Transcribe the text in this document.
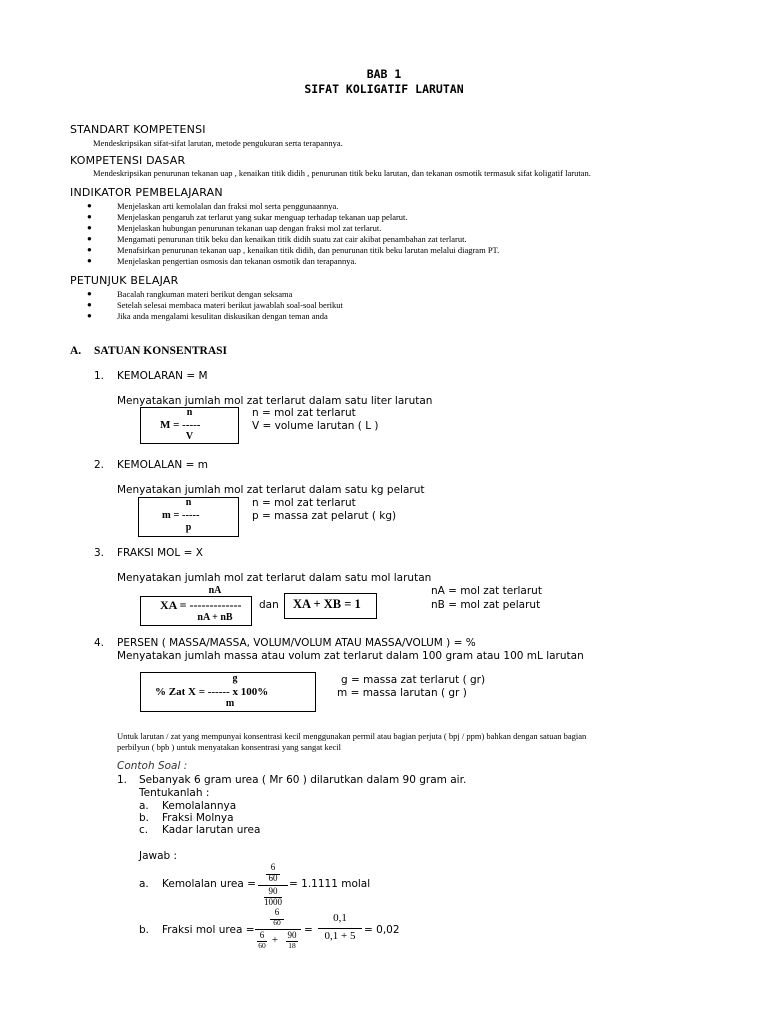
BAB 1
SIFAT KOLIGATIF LARUTAN
STANDART KOMPETENSI
Mendeskripsikan sifat-sifat larutan, metode pengukuran serta terapannya.
KOMPETENSI DASAR
Mendeskripsikan penurunan tekanan uap , kenaikan titik didih , penurunan titik beku larutan, dan tekanan osmotik termasuk sifat koligatif larutan.
INDIKATOR PEMBELAJARAN
●	Menjelaskan arti kemolalan dan fraksi mol serta penggunaannya.
●	Menjelaskan pengaruh zat terlarut yang sukar menguap terhadap tekanan uap pelarut.
●	Menjelaskan hubungan penurunan tekanan uap dengan fraksi mol zat terlarut.
●	Mengamati penurunan titik beku dan kenaikan titik didih suatu zat cair akibat penambahan zat terlarut.
●	Menafsirkan penurunan tekanan uap , kenaikan titik didih, dan penurunan titik beku larutan melalui diagram PT.
●	Menjelaskan pengertian osmosis dan tekanan osmotik dan terapannya.
PETUNJUK BELAJAR
●	Bacalah rangkuman materi berikut dengan seksama
●	Setelah selesai membaca materi berikut jawablah soal-soal berikut
●	Jika anda mengalami kesulitan diskusikan dengan teman anda
A. SATUAN KONSENTRASI
1. KEMOLARAN = M
Menyatakan jumlah mol zat terlarut dalam satu liter larutan
n
M = -----
V
n = mol zat terlarut
V = volume larutan ( L )
2. KEMOLALAN = m
Menyatakan jumlah mol zat terlarut dalam satu kg pelarut
n
m = -----
p
n = mol zat terlarut
p = massa zat pelarut ( kg)
3. FRAKSI MOL = X
Menyatakan jumlah mol zat terlarut dalam satu mol larutan
nA
XA = -------------
nA + nB
dan XA + XB = 1
nA = mol zat terlarut
nB = mol zat pelarut
4. PERSEN ( MASSA/MASSA, VOLUM/VOLUM ATAU MASSA/VOLUM ) = %
Menyatakan jumlah massa atau volum zat terlarut dalam 100 gram atau 100 mL larutan
g
% Zat X = ------ x 100%
m
g = massa zat terlarut ( gr)
m = massa larutan ( gr )
Untuk larutan / zat yang mempunyai konsentrasi kecil menggunakan permil atau bagian perjuta ( bpj / ppm) bahkan dengan satuan bagian
perbilyun ( bpb ) untuk menyatakan konsentrasi yang sangat kecil
Contoh Soal :
1. Sebanyak 6 gram urea ( Mr 60 ) dilarutkan dalam 90 gram air.
Tentukanlah :
a. Kemolalannya
b. Fraksi Molnya
c. Kadar larutan urea
Jawab :
a. Kemolalan urea =
6
60
90
1000
= 1.1111 molal
b. Fraksi mol urea =
6
60
6
60 +	90
18
=
0,1
0,1 + 5 = 0,02
